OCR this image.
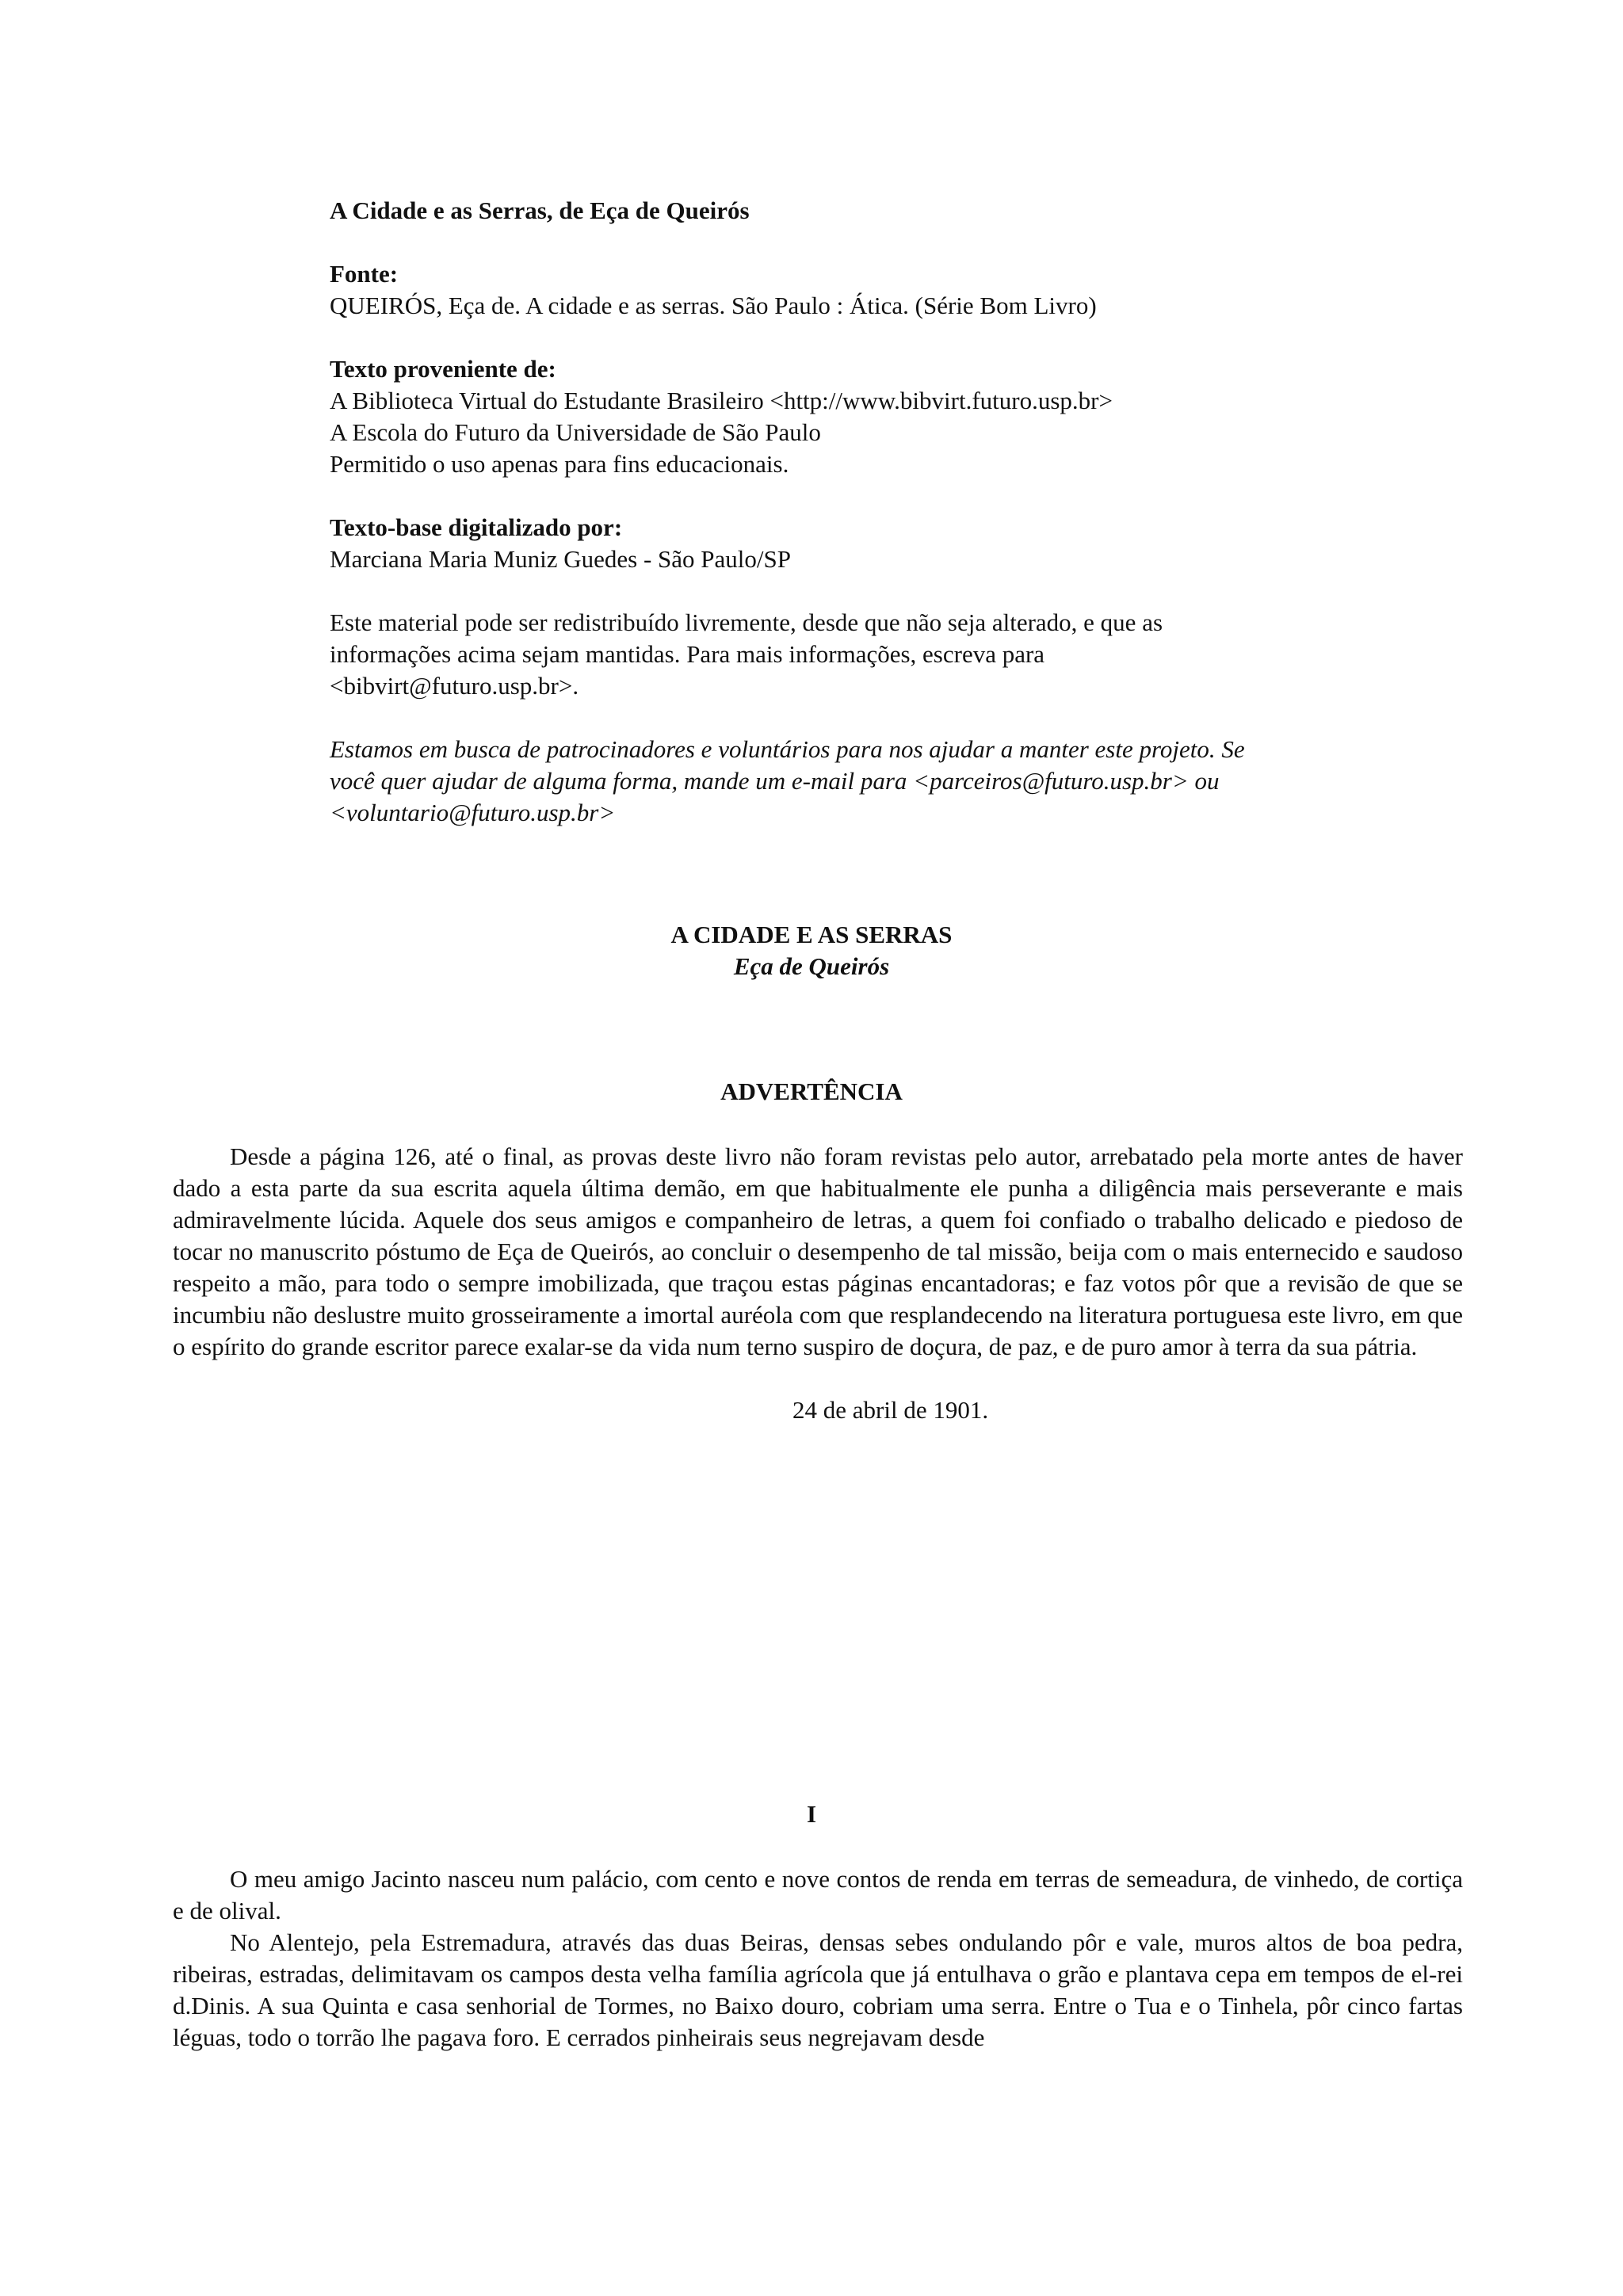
A Cidade e as Serras, de Eça de Queirós

Fonte:
QUEIRÓS, Eça de. A cidade e as serras. São Paulo : Ática. (Série Bom Livro)

Texto proveniente de:
A Biblioteca Virtual do Estudante Brasileiro <http://www.bibvirt.futuro.usp.br>
A Escola do Futuro da Universidade de São Paulo
Permitido o uso apenas para fins educacionais.

Texto-base digitalizado por:
Marciana Maria Muniz Guedes - São Paulo/SP

Este material pode ser redistribuído livremente, desde que não seja alterado, e que as
informações acima sejam mantidas. Para mais informações, escreva para
<bibvirt@futuro.usp.br>.

Estamos em busca de patrocinadores e voluntários para nos ajudar a manter este projeto. Se
você quer ajudar de alguma forma, mande um e-mail para <parceiros@futuro.usp.br> ou
<voluntario@futuro.usp.br>

A CIDADE E AS SERRAS
Eça de Queirós
ADVERTÊNCIA

Desde a página 126, até o final, as provas deste livro não foram revistas pelo autor, arrebatado pela morte antes de haver dado a esta parte da sua escrita aquela última demão, em que habitualmente ele punha a diligência mais perseverante e mais admiravelmente lúcida. Aquele dos seus amigos e companheiro de letras, a quem foi confiado o trabalho delicado e piedoso de tocar no manuscrito póstumo de Eça de Queirós, ao concluir o desempenho de tal missão, beija com o mais enternecido e saudoso respeito a mão, para todo o sempre imobilizada, que traçou estas páginas encantadoras; e faz votos pôr que a revisão de que se incumbiu não deslustre muito grosseiramente a imortal auréola com que resplandecendo na literatura portuguesa este livro, em que o espírito do grande escritor parece exalar-se da vida num terno suspiro de doçura, de paz, e de puro amor à terra da sua pátria.

24 de abril de 1901.
I

O meu amigo Jacinto nasceu num palácio, com cento e nove contos de renda em terras de semeadura, de vinhedo, de cortiça e de olival.

No Alentejo, pela Estremadura, através das duas Beiras, densas sebes ondulando pôr e vale, muros altos de boa pedra, ribeiras, estradas, delimitavam os campos desta velha família agrícola que já entulhava o grão e plantava cepa em tempos de el-rei d.Dinis. A sua Quinta e casa senhorial de Tormes, no Baixo douro, cobriam uma serra. Entre o Tua e o Tinhela, pôr cinco fartas léguas, todo o torrão lhe pagava foro. E cerrados pinheirais seus negrejavam desde
